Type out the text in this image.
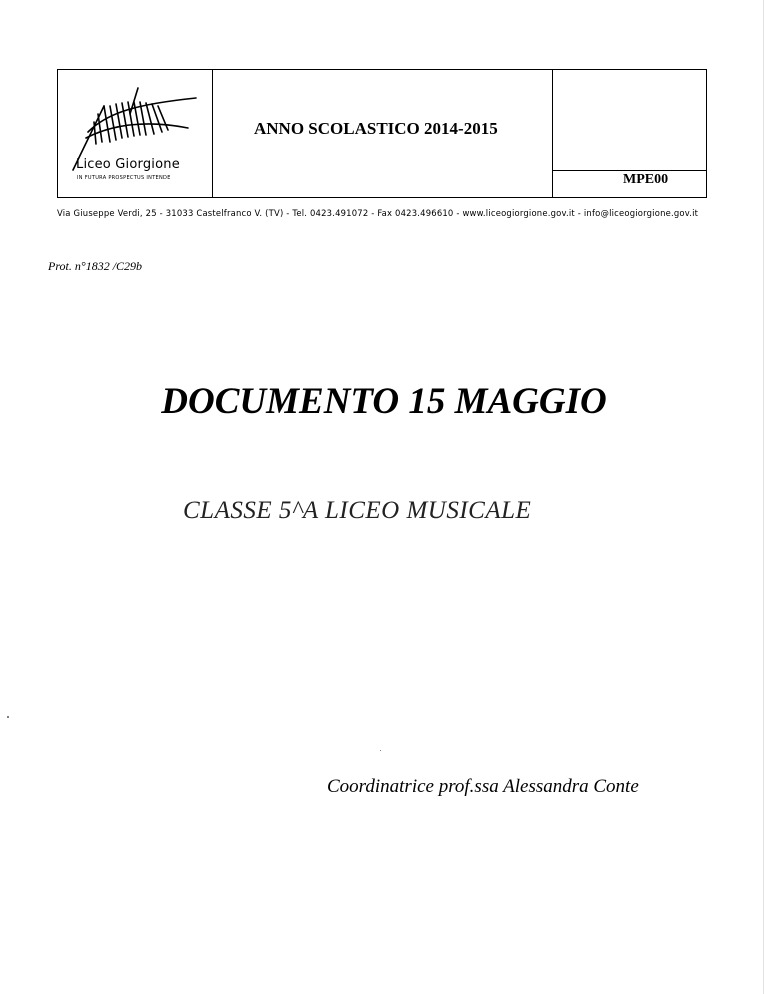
Liceo Giorgione
IN FUTURA PROSPECTUS INTENDE
ANNO SCOLASTICO 2014-2015
MPE00
Via Giuseppe Verdi, 25 - 31033 Castelfranco V. (TV) - Tel. 0423.491072 - Fax 0423.496610 - www.liceogiorgione.gov.it - info@liceogiorgione.gov.it
Prot. n°1832 /C29b
DOCUMENTO 15 MAGGIO
CLASSE 5^A LICEO MUSICALE
Coordinatrice prof.ssa Alessandra Conte
